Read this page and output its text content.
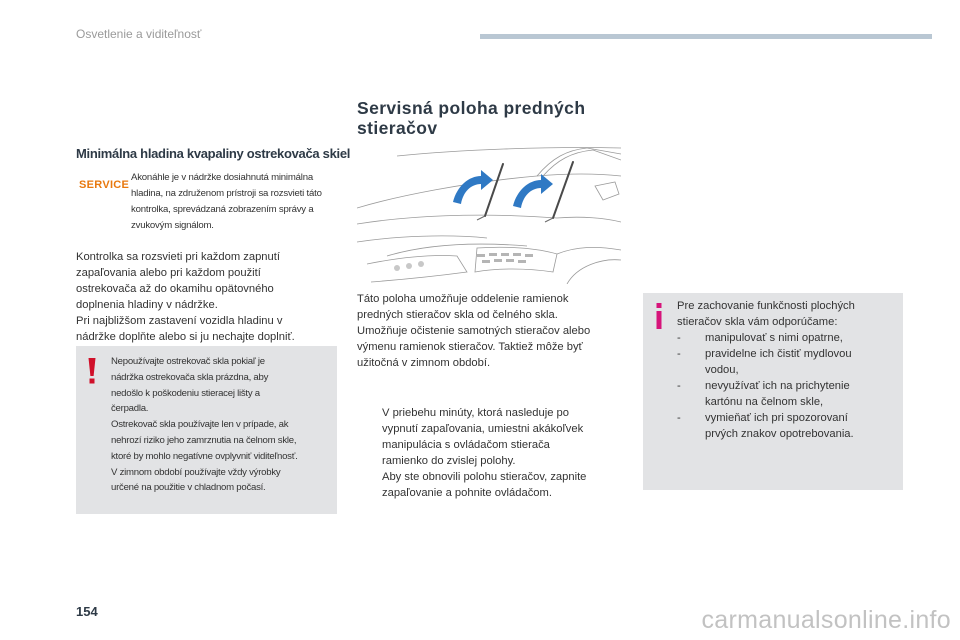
Osvetlenie a viditeľnosť
Minimálna hladina kvapaliny ostrekovača skiel
SERVICE
Akonáhle je v nádržke dosiahnutá minimálna hladina, na združenom prístroji sa rozsvieti táto kontrolka, sprevádzaná zobrazením správy a zvukovým signálom.
Kontrolka sa rozsvieti pri každom zapnutí
zapaľovania alebo pri každom použití
ostrekovača až do okamihu opätovného
doplnenia hladiny v nádržke.
Pri najbližšom zastavení vozidla hladinu v
nádržke doplňte alebo si ju nechajte doplniť.
Nepoužívajte ostrekovač skla pokiaľ je
nádržka ostrekovača skla prázdna, aby
nedošlo k poškodeniu stieracej lišty a
čerpadla.
Ostrekovač skla používajte len v prípade, ak
nehrozí riziko jeho zamrznutia na čelnom skle,
ktoré by mohlo negatívne ovplyvniť viditeľnosť.
V zimnom období používajte vždy výrobky
určené na použitie v chladnom počasí.
Servisná poloha predných
stieračov
Táto poloha umožňuje oddelenie ramienok
predných stieračov skla od čelného skla.
Umožňuje očistenie samotných stieračov alebo
výmenu ramienok stieračov. Taktiež môže byť
užitočná v zimnom období.
V priebehu minúty, ktorá nasleduje po
vypnutí zapaľovania, umiestni akákoľvek
manipulácia s ovládačom stierača
ramienko do zvislej polohy.
Aby ste obnovili polohu stieračov, zapnite
zapaľovanie a pohnite ovládačom.
Pre zachovanie funkčnosti plochých
stieračov skla vám odporúčame:
- manipulovať s nimi opatrne,
- pravidelne ich čistiť mydlovou
vodou,
- nevyužívať ich na prichytenie
kartónu na čelnom skle,
- vymieňať ich pri spozorovaní
prvých znakov opotrebovania.
154	carmanualsonline.info
